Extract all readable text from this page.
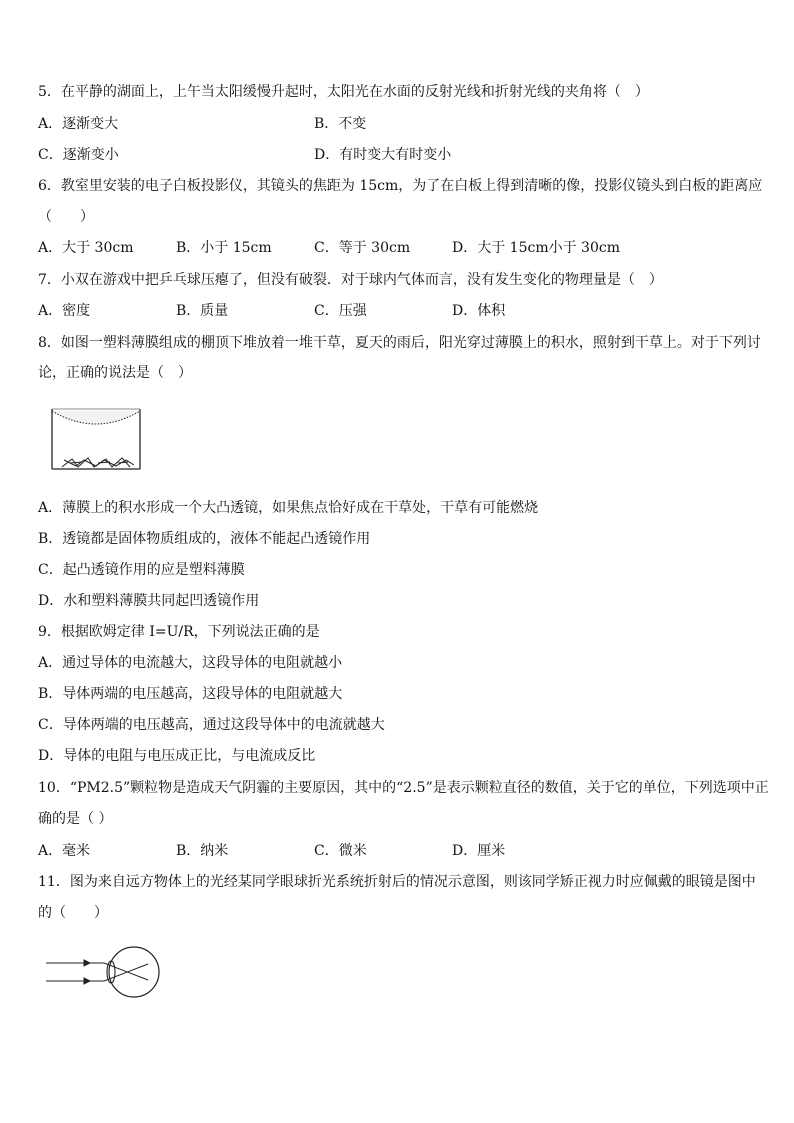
5．在平静的湖面上，上午当太阳缓慢升起时，太阳光在水面的反射光线和折射光线的夹角将（　）
A．逐渐变大	B．不变
C．逐渐变小	D．有时变大有时变小
6．教室里安装的电子白板投影仪，其镜头的焦距为 15cm，为了在白板上得到清晰的像，投影仪镜头到白板的距离应
（　　）
A．大于 30cm	B．小于 15cm	C．等于 30cm	D．大于 15cm小于 30cm
7．小双在游戏中把乒乓球压瘪了，但没有破裂．对于球内气体而言，没有发生变化的物理量是（　）
A．密度	B．质量	C．压强	D．体积
8．如图一塑料薄膜组成的棚顶下堆放着一堆干草，夏天的雨后，阳光穿过薄膜上的积水，照射到干草上。对于下列讨
论，正确的说法是（　）
A．薄膜上的积水形成一个大凸透镜，如果焦点恰好成在干草处，干草有可能燃烧
B．透镜都是固体物质组成的，液体不能起凸透镜作用
C．起凸透镜作用的应是塑料薄膜
D．水和塑料薄膜共同起凹透镜作用
9．根据欧姆定律 I=U/R，下列说法正确的是
A．通过导体的电流越大，这段导体的电阻就越小
B．导体两端的电压越高，这段导体的电阻就越大
C．导体两端的电压越高，通过这段导体中的电流就越大
D．导体的电阻与电压成正比，与电流成反比
10．“PM2.5”颗粒物是造成天气阴霾的主要原因，其中的“2.5”是表示颗粒直径的数值，关于它的单位，下列选项中正
确的是（ ）
A．毫米	B．纳米	C．微米	D．厘米
11．图为来自远方物体上的光经某同学眼球折光系统折射后的情况示意图，则该同学矫正视力时应佩戴的眼镜是图中
的（　　）
